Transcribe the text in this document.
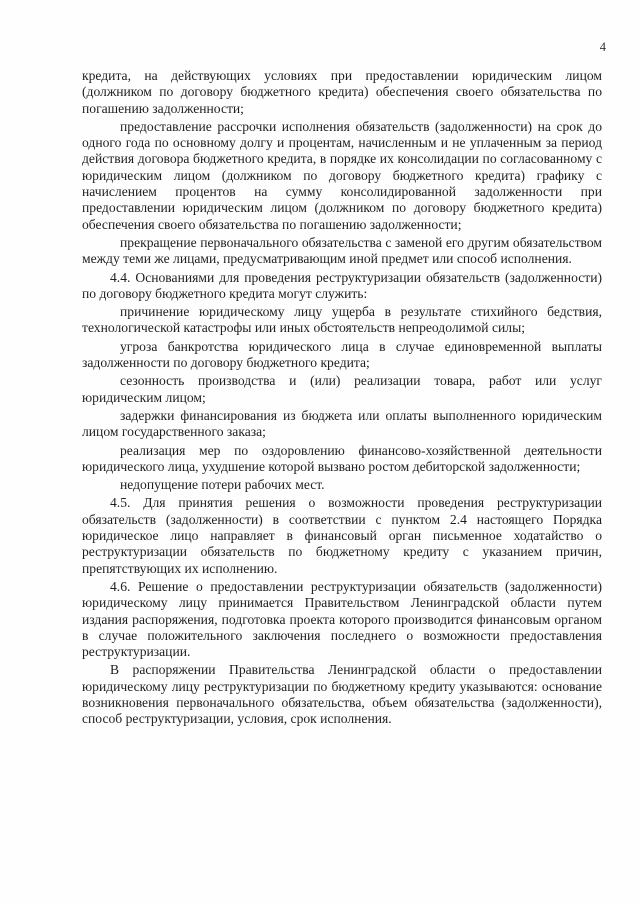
4

кредита, на действующих условиях при предоставлении юридическим лицом (должником по договору бюджетного кредита) обеспечения своего обязательства по погашению задолженности;

предоставление рассрочки исполнения обязательств (задолженности) на срок до одного года по основному долгу и процентам, начисленным и не уплаченным за период действия договора бюджетного кредита, в порядке их консолидации по согласованному с юридическим лицом (должником по договору бюджетного кредита) графику с начислением процентов на сумму консолидированной задолженности при предоставлении юридическим лицом (должником по договору бюджетного кредита) обеспечения своего обязательства по погашению задолженности;

прекращение первоначального обязательства с заменой его другим обязательством между теми же лицами, предусматривающим иной предмет или способ исполнения.

4.4. Основаниями для проведения реструктуризации обязательств (задолженности) по договору бюджетного кредита могут служить:

причинение юридическому лицу ущерба в результате стихийного бедствия, технологической катастрофы или иных обстоятельств непреодолимой силы;

угроза банкротства юридического лица в случае единовременной выплаты задолженности по договору бюджетного кредита;

сезонность производства и (или) реализации товара, работ или услуг юридическим лицом;

задержки финансирования из бюджета или оплаты выполненного юридическим лицом государственного заказа;

реализация мер по оздоровлению финансово-хозяйственной деятельности юридического лица, ухудшение которой вызвано ростом дебиторской задолженности;

недопущение потери рабочих мест.

4.5. Для принятия решения о возможности проведения реструктуризации обязательств (задолженности) в соответствии с пунктом 2.4 настоящего Порядка юридическое лицо направляет в финансовый орган письменное ходатайство о реструктуризации обязательств по бюджетному кредиту с указанием причин, препятствующих их исполнению.

4.6. Решение о предоставлении реструктуризации обязательств (задолженности) юридическому лицу принимается Правительством Ленинградской области путем издания распоряжения, подготовка проекта которого производится финансовым органом в случае положительного заключения последнего о возможности предоставления реструктуризации.

В распоряжении Правительства Ленинградской области о предоставлении юридическому лицу реструктуризации по бюджетному кредиту указываются: основание возникновения первоначального обязательства, объем обязательства (задолженности), способ реструктуризации, условия, срок исполнения.
